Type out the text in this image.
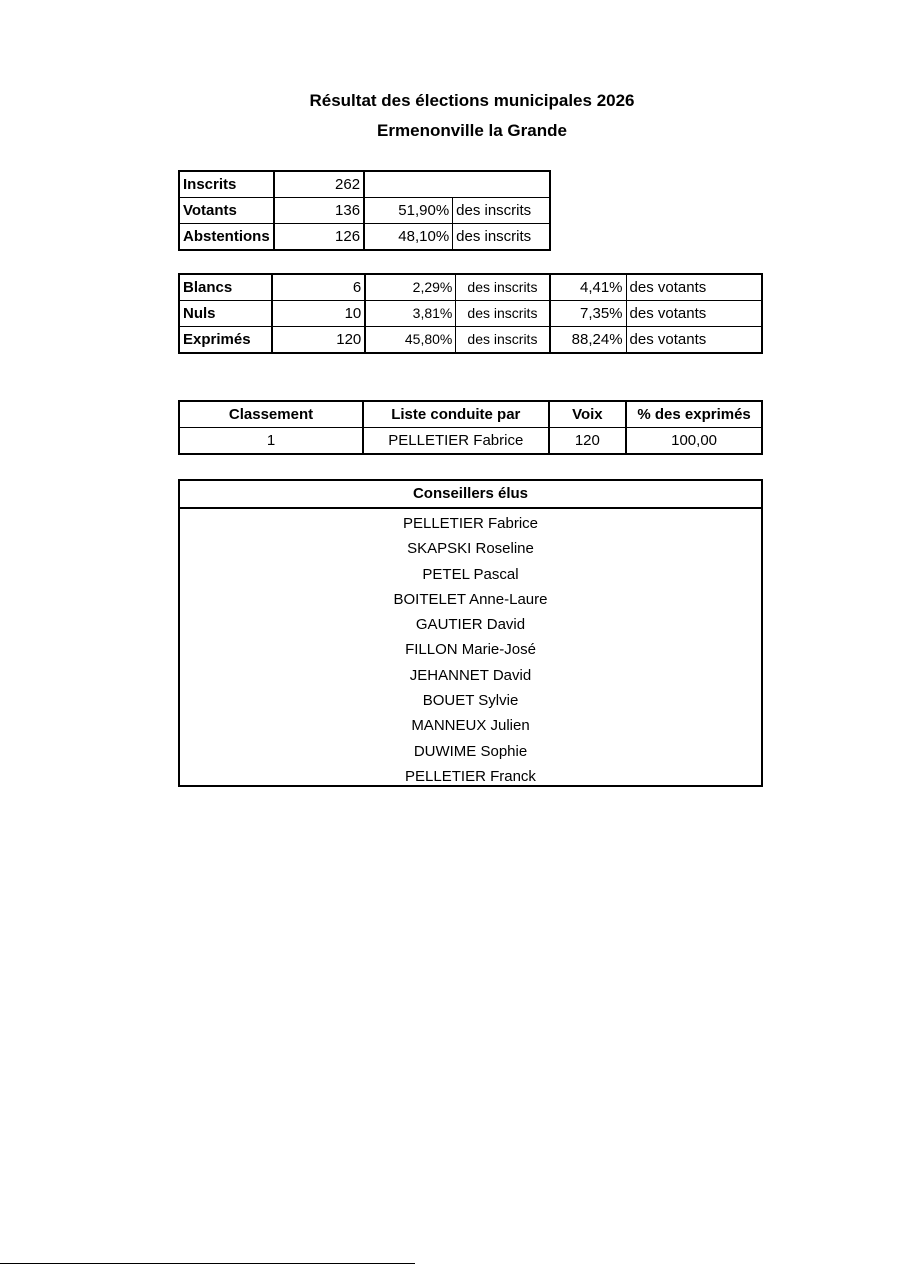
Résultat des élections municipales 2026
Ermenonville la Grande
Inscrits	262		
Votants	136	51,90%	des inscrits
Abstentions	126	48,10%	des inscrits
Blancs	6	2,29%	des inscrits	4,41%	des votants
Nuls	10	3,81%	des inscrits	7,35%	des votants
Exprimés	120	45,80%	des inscrits	88,24%	des votants
Classement	Liste conduite par	Voix	% des exprimés
1	PELLETIER Fabrice	120	100,00
Conseillers élus
PELLETIER Fabrice
SKAPSKI Roseline
PETEL Pascal
BOITELET Anne-Laure
GAUTIER David
FILLON Marie-José
JEHANNET David
BOUET Sylvie
MANNEUX Julien
DUWIME Sophie
PELLETIER Franck
